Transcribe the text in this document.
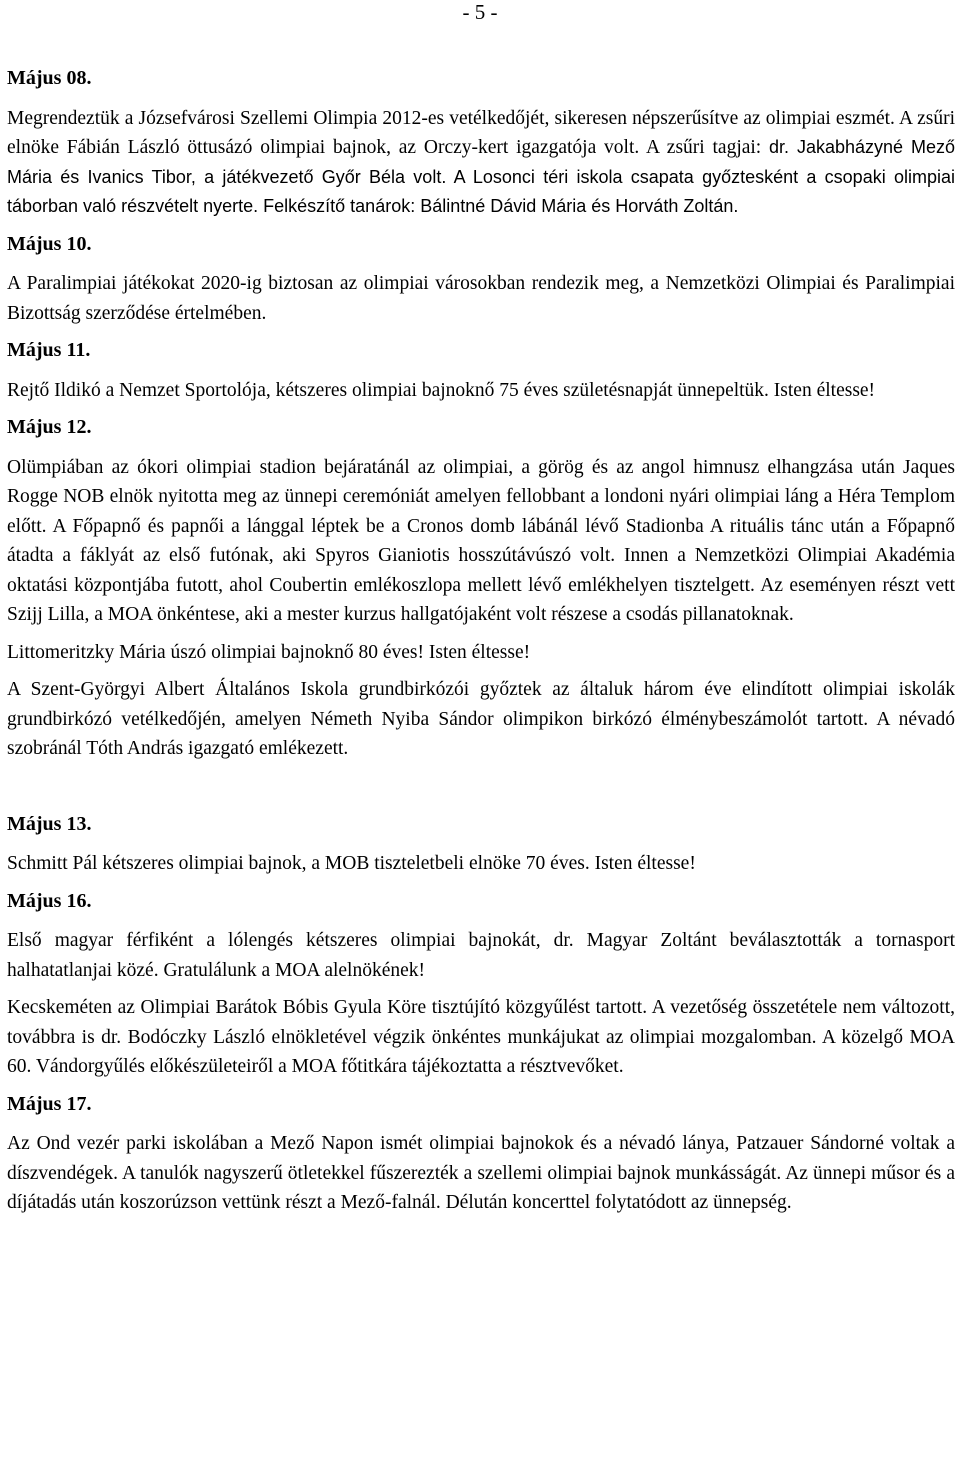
- 5 -
Május 08.
Megrendeztük a Józsefvárosi Szellemi Olimpia 2012-es vetélkedőjét, sikeresen népszerűsítve az olimpiai eszmét. A zsűri elnöke Fábián László öttusázó olimpiai bajnok, az Orczy-kert igazgatója volt. A zsűri tagjai: dr. Jakabházyné Mező Mária és Ivanics Tibor, a játékvezető Győr Béla volt. A Losonci téri iskola csapata győztesként a csopaki olimpiai táborban való részvételt nyerte. Felkészítő tanárok: Bálintné Dávid Mária és Horváth Zoltán.
Május 10.
A Paralimpiai játékokat 2020-ig biztosan az olimpiai városokban rendezik meg, a Nemzetközi Olimpiai és Paralimpiai Bizottság szerződése értelmében.
Május 11.
Rejtő Ildikó a Nemzet Sportolója, kétszeres olimpiai bajnoknő 75 éves születésnapját ünnepeltük. Isten éltesse!
Május 12.
Olümpiában az ókori olimpiai stadion bejáratánál az olimpiai, a görög és az angol himnusz elhangzása után Jaques Rogge NOB elnök nyitotta meg az ünnepi ceremóniát amelyen fellobbant a londoni nyári olimpiai láng a Héra Templom előtt. A Főpapnő és papnői a lánggal léptek be a Cronos domb lábánál lévő Stadionba A rituális tánc után a Főpapnő átadta a fáklyát az első futónak, aki Spyros Gianiotis hosszútávúszó volt. Innen a Nemzetközi Olimpiai Akadémia oktatási központjába futott, ahol Coubertin emlékoszlopa mellett lévő emlékhelyen tisztelgett. Az eseményen részt vett Szijj Lilla, a MOA önkéntese, aki a mester kurzus hallgatójaként volt részese a csodás pillanatoknak.
Littomeritzky Mária úszó olimpiai bajnoknő 80 éves! Isten éltesse!
A Szent-Györgyi Albert Általános Iskola grundbirkózói győztek az általuk három éve elindított olimpiai iskolák grundbirkózó vetélkedőjén, amelyen Németh Nyiba Sándor olimpikon birkózó élménybeszámolót tartott. A névadó szobránál Tóth András igazgató emlékezett.
Május 13.
Schmitt Pál kétszeres olimpiai bajnok, a MOB tiszteletbeli elnöke 70 éves. Isten éltesse!
Május 16.
Első magyar férfiként a lólengés kétszeres olimpiai bajnokát, dr. Magyar Zoltánt beválasztották a tornasport halhatatlanjai közé. Gratulálunk a MOA alelnökének!
Kecskeméten az Olimpiai Barátok Bóbis Gyula Köre tisztújító közgyűlést tartott. A vezetőség összetétele nem változott, továbbra is dr. Bodóczky László elnökletével végzik önkéntes munkájukat az olimpiai mozgalomban. A közelgő MOA 60. Vándorgyűlés előkészületeiről a MOA főtitkára tájékoztatta a résztvevőket.
Május 17.
Az Ond vezér parki iskolában a Mező Napon ismét olimpiai bajnokok és a névadó lánya, Patzauer Sándorné voltak a díszvendégek. A tanulók nagyszerű ötletekkel fűszerezték a szellemi olimpiai bajnok munkásságát. Az ünnepi műsor és a díjátadás után koszorúzson vettünk részt a Mező-falnál. Délután koncerttel folytatódott az ünnepség.
